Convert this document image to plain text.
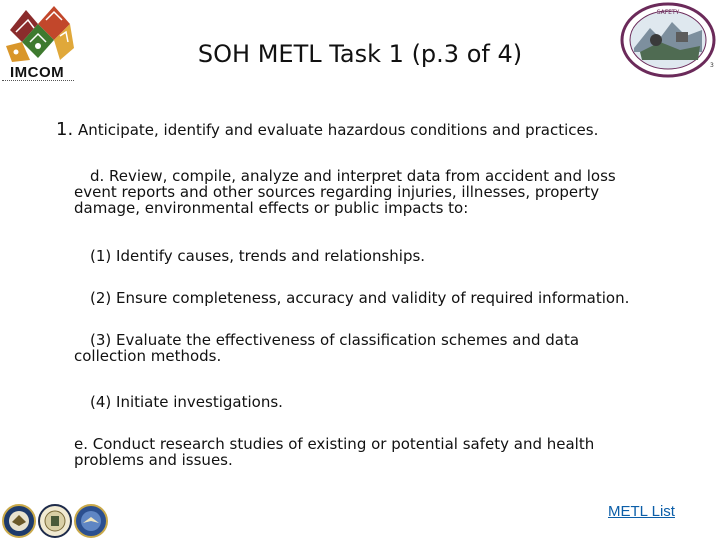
IMCOM
SOH METL Task 1 (p.3 of 4)
SAFETY
3
1. Anticipate, identify and evaluate hazardous conditions and practices.
d. Review, compile, analyze and interpret data from accident and loss
event reports and other sources regarding injuries, illnesses, property
damage, environmental effects or public impacts to:
(1) Identify causes, trends and relationships.
(2) Ensure completeness, accuracy and validity of required information.
(3) Evaluate the effectiveness of classification schemes and data
collection methods.
(4) Initiate investigations.
e. Conduct research studies of existing or potential safety and health
problems and issues.
METL List
